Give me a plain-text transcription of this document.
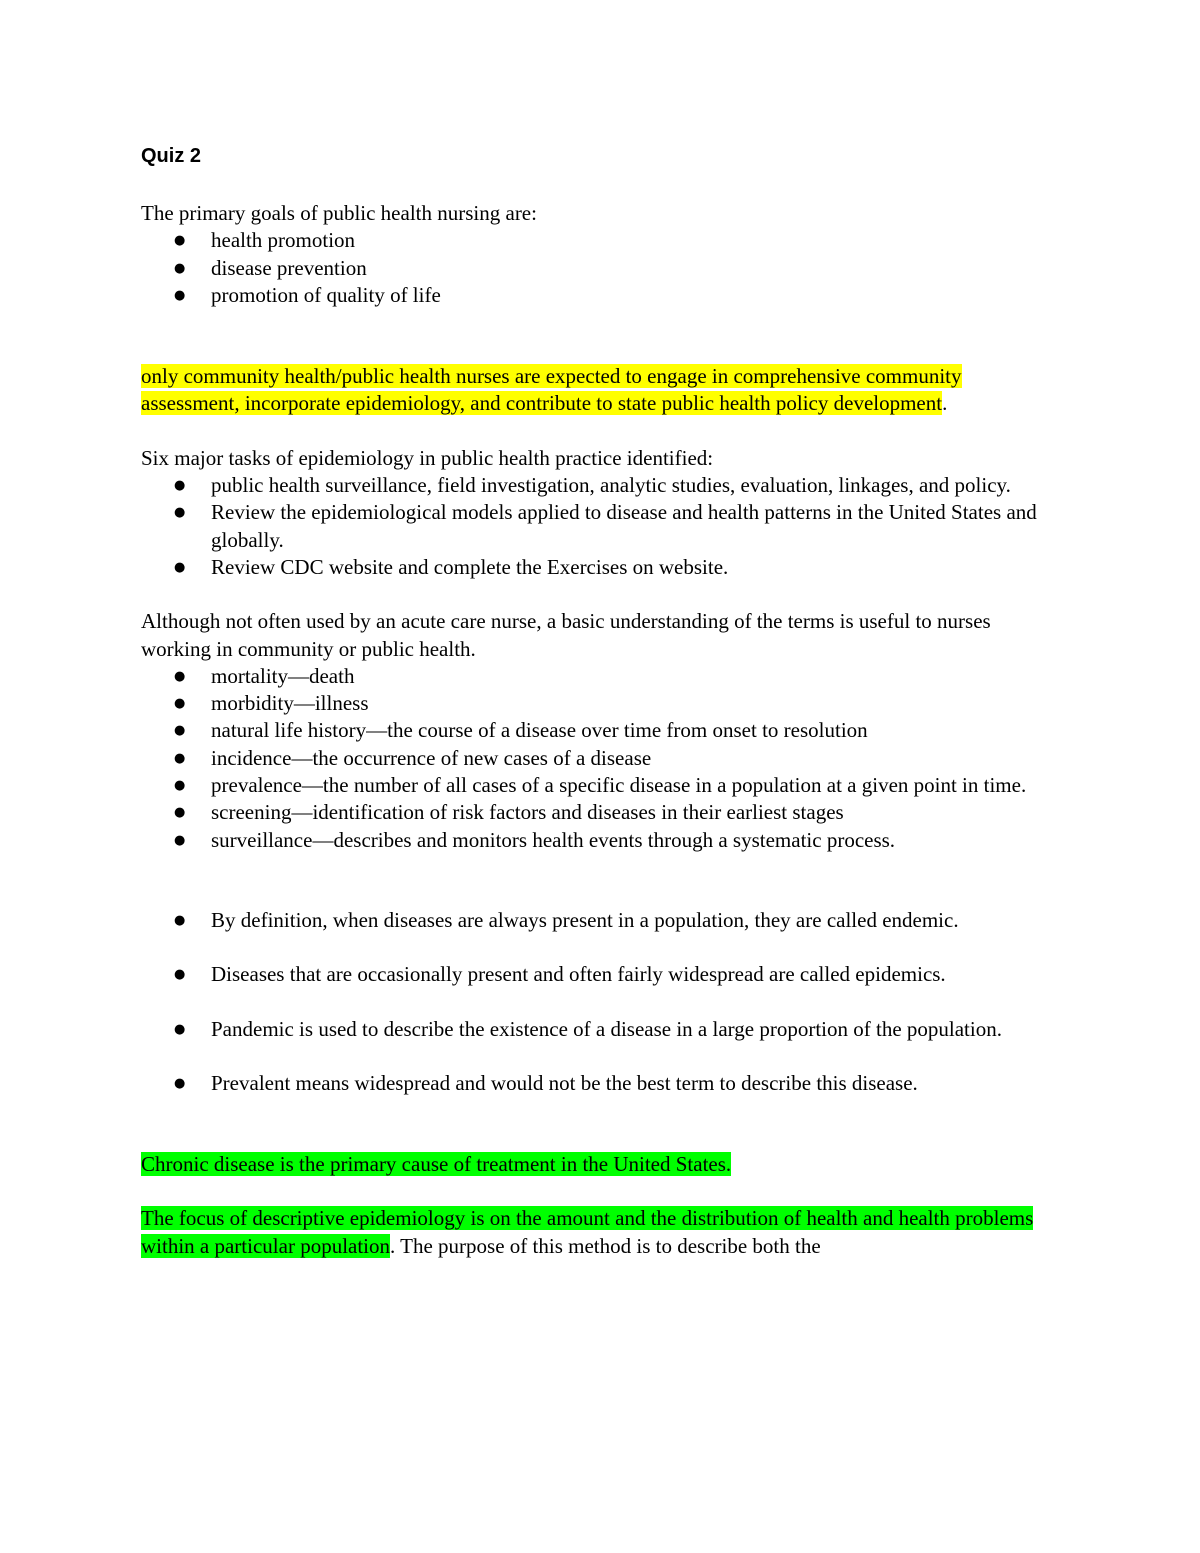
Quiz 2

The primary goals of public health nursing are:

● health promotion
● disease prevention
● promotion of quality of life

only community health/public health nurses are expected to engage in comprehensive community assessment, incorporate epidemiology, and contribute to state public health policy development.

Six major tasks of epidemiology in public health practice identified:

● public health surveillance, field investigation, analytic studies, evaluation, linkages, and policy.
● Review the epidemiological models applied to disease and health patterns in the United States and globally.
● Review CDC website and complete the Exercises on website.

Although not often used by an acute care nurse, a basic understanding of the terms is useful to nurses working in community or public health.

● mortality—death
● morbidity—illness
● natural life history—the course of a disease over time from onset to resolution
● incidence—the occurrence of new cases of a disease
● prevalence—the number of all cases of a specific disease in a population at a given point in time.
● screening—identification of risk factors and diseases in their earliest stages
● surveillance—describes and monitors health events through a systematic process.
● By definition, when diseases are always present in a population, they are called endemic.
● Diseases that are occasionally present and often fairly widespread are called epidemics.
● Pandemic is used to describe the existence of a disease in a large proportion of the population.
● Prevalent means widespread and would not be the best term to describe this disease.

Chronic disease is the primary cause of treatment in the United States.

The focus of descriptive epidemiology is on the amount and the distribution of health and health problems within a particular population. The purpose of this method is to describe both the
